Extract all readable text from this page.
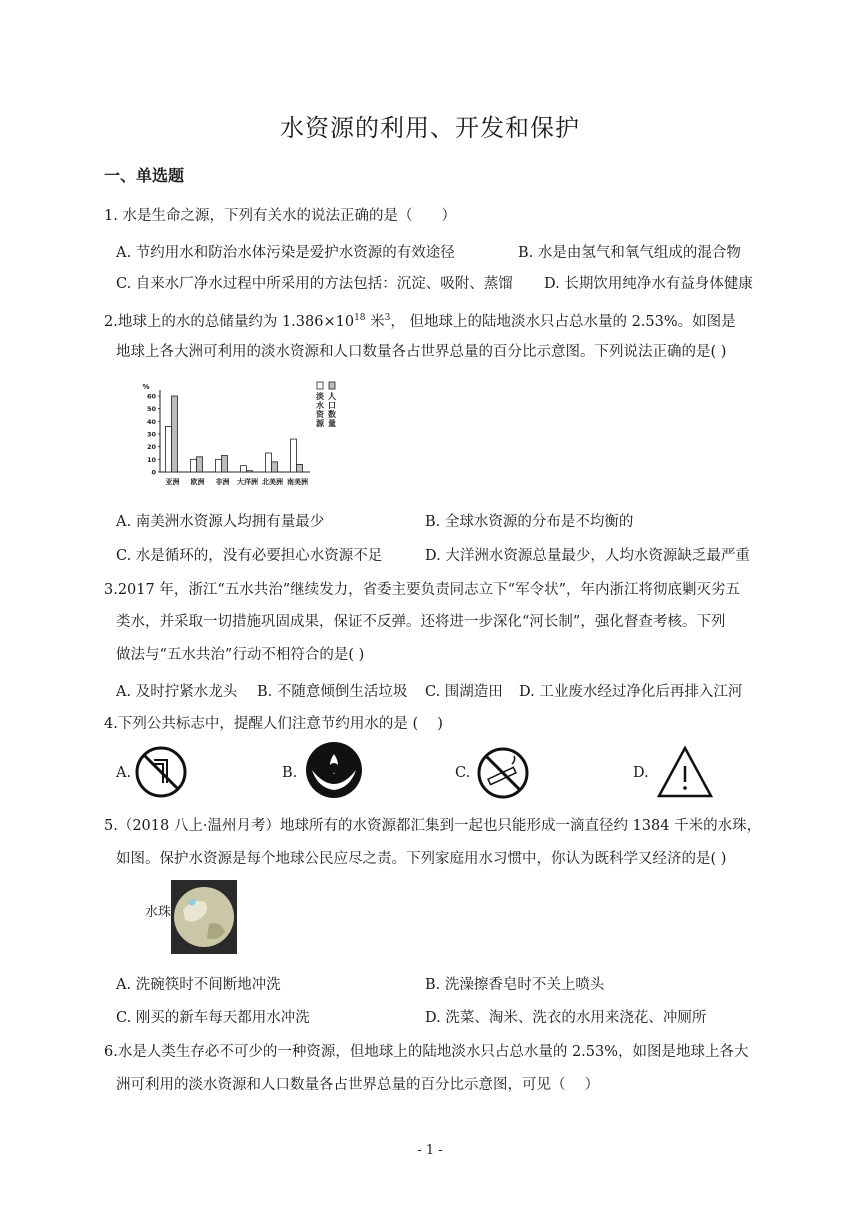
水资源的利用、开发和保护
一、单选题
1. 水是生命之源，下列有关水的说法正确的是（　　）
A. 节约用水和防治水体污染是爱护水资源的有效途径	B. 水是由氢气和氧气组成的混合物
C. 自来水厂净水过程中所采用的方法包括：沉淀、吸附、蒸馏 D. 长期饮用纯净水有益身体健康
2.地球上的水的总储量约为 $1.386\times 10^{18}$ 米$^3$， 但地球上的陆地淡水只占总水量的 2.53%。如图是
地球上各大洲可利用的淡水资源和人口数量各占世界总量的百分比示意图。下列说法正确的是( )
%
0
10
20
30
40
50
60
亚洲 欧洲 非洲 大洋洲 北美洲 南美洲
淡
水
资
源
人
口
数
量
A. 南美洲水资源人均拥有量最少	B. 全球水资源的分布是不均衡的
C. 水是循环的，没有必要担心水资源不足	D. 大洋洲水资源总量最少，人均水资源缺乏最严重
3.2017 年，浙江“五水共治”继续发力，省委主要负责同志立下“军令状”，年内浙江将彻底剿灭劣五
类水，并采取一切措施巩固成果，保证不反弹。还将进一步深化“河长制”，强化督查考核。下列
做法与“五水共治”行动不相符合的是( )
A. 及时拧紧水龙头 B. 不随意倾倒生活垃圾 C. 围湖造田 D. 工业废水经过净化后再排入江河
4.下列公共标志中，提醒人们注意节约用水的是 (　 )
A.	B.	C.	D.
5.（2018 八上·温州月考）地球所有的水资源都汇集到一起也只能形成一滴直径约 1384 千米的水珠，
如图。保护水资源是每个地球公民应尽之责。下列家庭用水习惯中，你认为既科学又经济的是( )
水珠
A. 洗碗筷时不间断地冲洗	B. 洗澡擦香皂时不关上喷头
C. 刚买的新车每天都用水冲洗	D. 洗菜、淘米、洗衣的水用来浇花、冲厕所
6.水是人类生存必不可少的一种资源，但地球上的陆地淡水只占总水量的 2.53%，如图是地球上各大
洲可利用的淡水资源和人口数量各占世界总量的百分比示意图，可见（　 ）
- 1 -
